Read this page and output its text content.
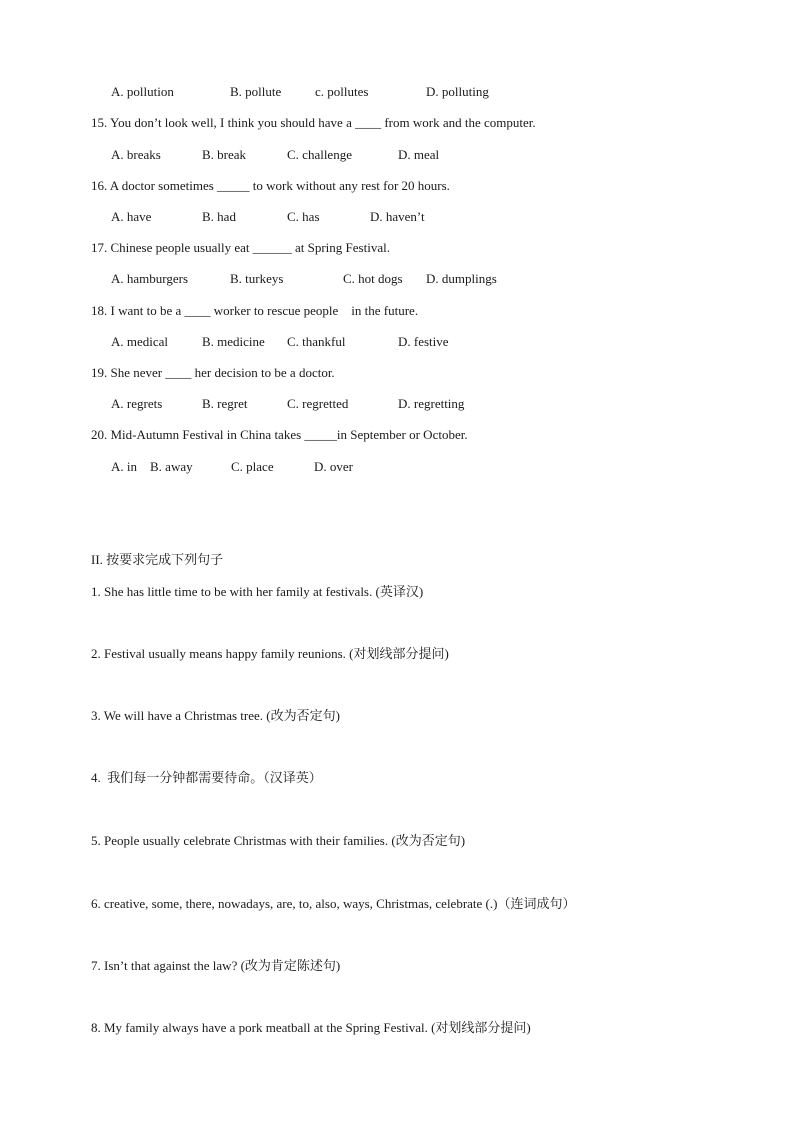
A. pollution	B. pollute	c. pollutes	D. polluting
15. You don’t look well, I think you should have a ____ from work and the computer.
A. breaks	B. break	C. challenge	D. meal
16. A doctor sometimes _____ to work without any rest for 20 hours.
A. have	B. had	C. has	D. haven’t
17. Chinese people usually eat ______ at Spring Festival.
A. hamburgers	B. turkeys	C. hot dogs D. dumplings
18. I want to be a ____ worker to rescue people    in the future.
A. medical	B. medicine C. thankful	D. festive
19. She never ____ her decision to be a doctor.
A. regrets	B. regret	C. regretted	D. regretting
20. Mid-Autumn Festival in China takes _____in September or October.
A. in B. away	C. place	D. over
II. 按要求完成下列句子
1. She has little time to be with her family at festivals. (英译汉)
2. Festival usually means happy family reunions. (对划线部分提问)
3. We will have a Christmas tree. (改为否定句)
4.  我们每一分钟都需要待命。（汉译英）
5. People usually celebrate Christmas with their families. (改为否定句)
6. creative, some, there, nowadays, are, to, also, ways, Christmas, celebrate (.)（连词成句）
7. Isn’t that against the law? (改为肯定陈述句)
8. My family always have a pork meatball at the Spring Festival. (对划线部分提问)
